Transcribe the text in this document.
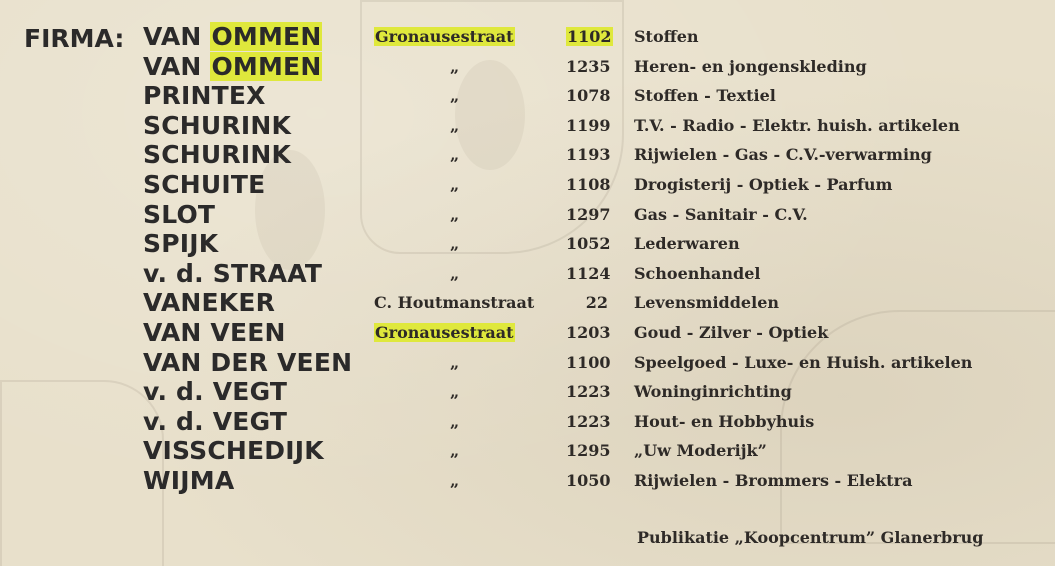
FIRMA: VAN OMMEN	Gronausestraat	1102 Stoffen
VAN OMMEN	„	1235 Heren- en jongenskleding
PRINTEX	„	1078 Stoffen - Textiel
SCHURINK	„	1199 T.V. - Radio - Elektr. huish. artikelen
SCHURINK	„	1193 Rijwielen - Gas - C.V.-verwarming
SCHUITE	„	1108 Drogisterij - Optiek - Parfum
SLOT	„	1297 Gas - Sanitair - C.V.
SPIJK	„	1052 Lederwaren
v. d. STRAAT	„	1124 Schoenhandel
VANEKER	C. Houtmanstraat	22 Levensmiddelen
VAN VEEN	Gronausestraat	1203 Goud - Zilver - Optiek
VAN DER VEEN	„	1100 Speelgoed - Luxe- en Huish. artikelen
v. d. VEGT	„	1223 Woninginrichting
v. d. VEGT	„	1223 Hout- en Hobbyhuis
VISSCHEDIJK	„	1295 „Uw Moderijk”
WIJMA	„	1050 Rijwielen - Brommers - Elektra
Publikatie „Koopcentrum” Glanerbrug
